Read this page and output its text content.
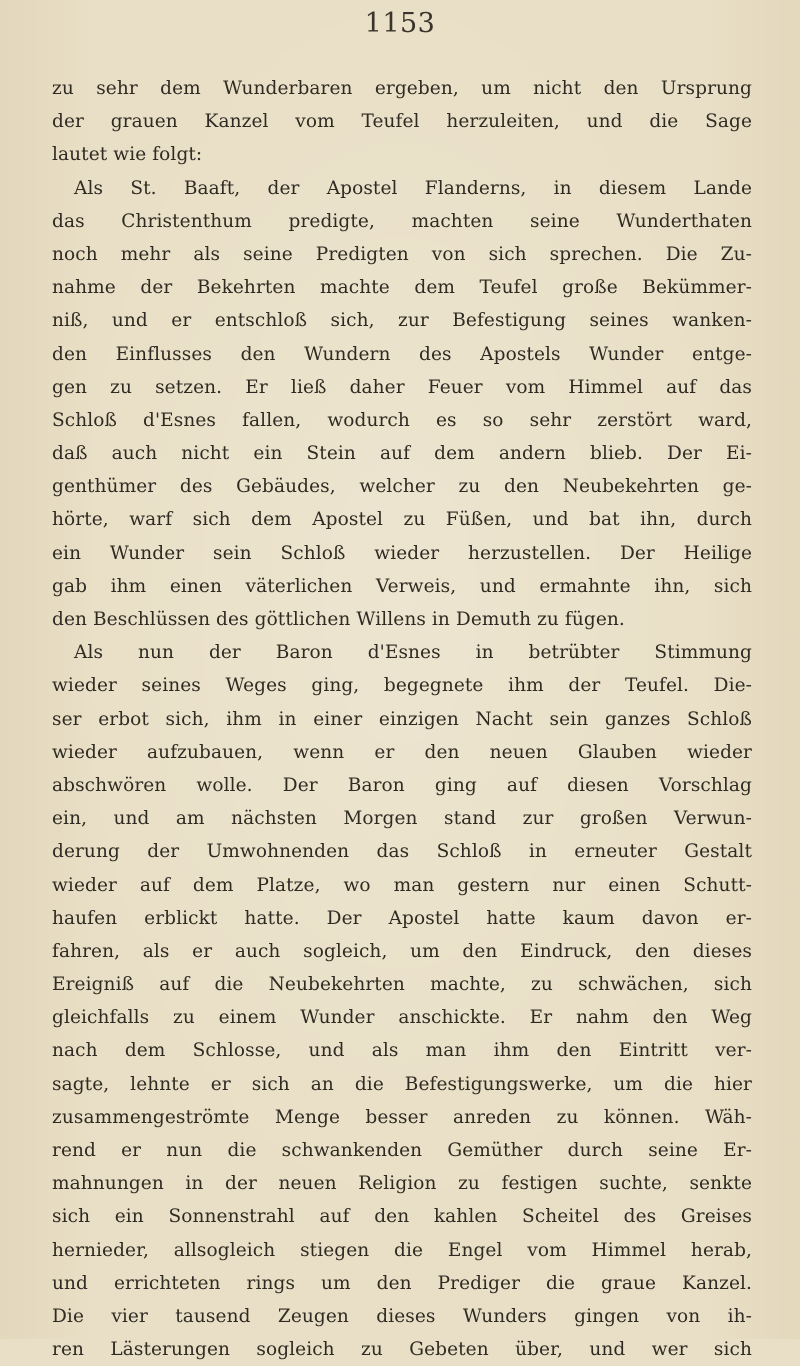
1153
zu sehr dem Wunderbaren ergeben, um nicht den Ursprung
der grauen Kanzel vom Teufel herzuleiten, und die Sage
lautet wie folgt:
Als St. Baaft, der Apostel Flanderns, in diesem Lande
das Christenthum predigte, machten seine Wunderthaten
noch mehr als seine Predigten von sich sprechen. Die Zu-
nahme der Bekehrten machte dem Teufel große Bekümmer-
niß, und er entschloß sich, zur Befestigung seines wanken-
den Einflusses den Wundern des Apostels Wunder entge-
gen zu setzen. Er ließ daher Feuer vom Himmel auf das
Schloß d'Esnes fallen, wodurch es so sehr zerstört ward,
daß auch nicht ein Stein auf dem andern blieb. Der Ei-
genthümer des Gebäudes, welcher zu den Neubekehrten ge-
hörte, warf sich dem Apostel zu Füßen, und bat ihn, durch
ein Wunder sein Schloß wieder herzustellen. Der Heilige
gab ihm einen väterlichen Verweis, und ermahnte ihn, sich
den Beschlüssen des göttlichen Willens in Demuth zu fügen.
Als nun der Baron d'Esnes in betrübter Stimmung
wieder seines Weges ging, begegnete ihm der Teufel. Die-
ser erbot sich, ihm in einer einzigen Nacht sein ganzes Schloß
wieder aufzubauen, wenn er den neuen Glauben wieder
abschwören wolle. Der Baron ging auf diesen Vorschlag
ein, und am nächsten Morgen stand zur großen Verwun-
derung der Umwohnenden das Schloß in erneuter Gestalt
wieder auf dem Platze, wo man gestern nur einen Schutt-
haufen erblickt hatte. Der Apostel hatte kaum davon er-
fahren, als er auch sogleich, um den Eindruck, den dieses
Ereigniß auf die Neubekehrten machte, zu schwächen, sich
gleichfalls zu einem Wunder anschickte. Er nahm den Weg
nach dem Schlosse, und als man ihm den Eintritt ver-
sagte, lehnte er sich an die Befestigungswerke, um die hier
zusammengeströmte Menge besser anreden zu können. Wäh-
rend er nun die schwankenden Gemüther durch seine Er-
mahnungen in der neuen Religion zu festigen suchte, senkte
sich ein Sonnenstrahl auf den kahlen Scheitel des Greises
hernieder, allsogleich stiegen die Engel vom Himmel herab,
und errichteten rings um den Prediger die graue Kanzel.
Die vier tausend Zeugen dieses Wunders gingen von ih-
ren Lästerungen sogleich zu Gebeten über, und wer sich
